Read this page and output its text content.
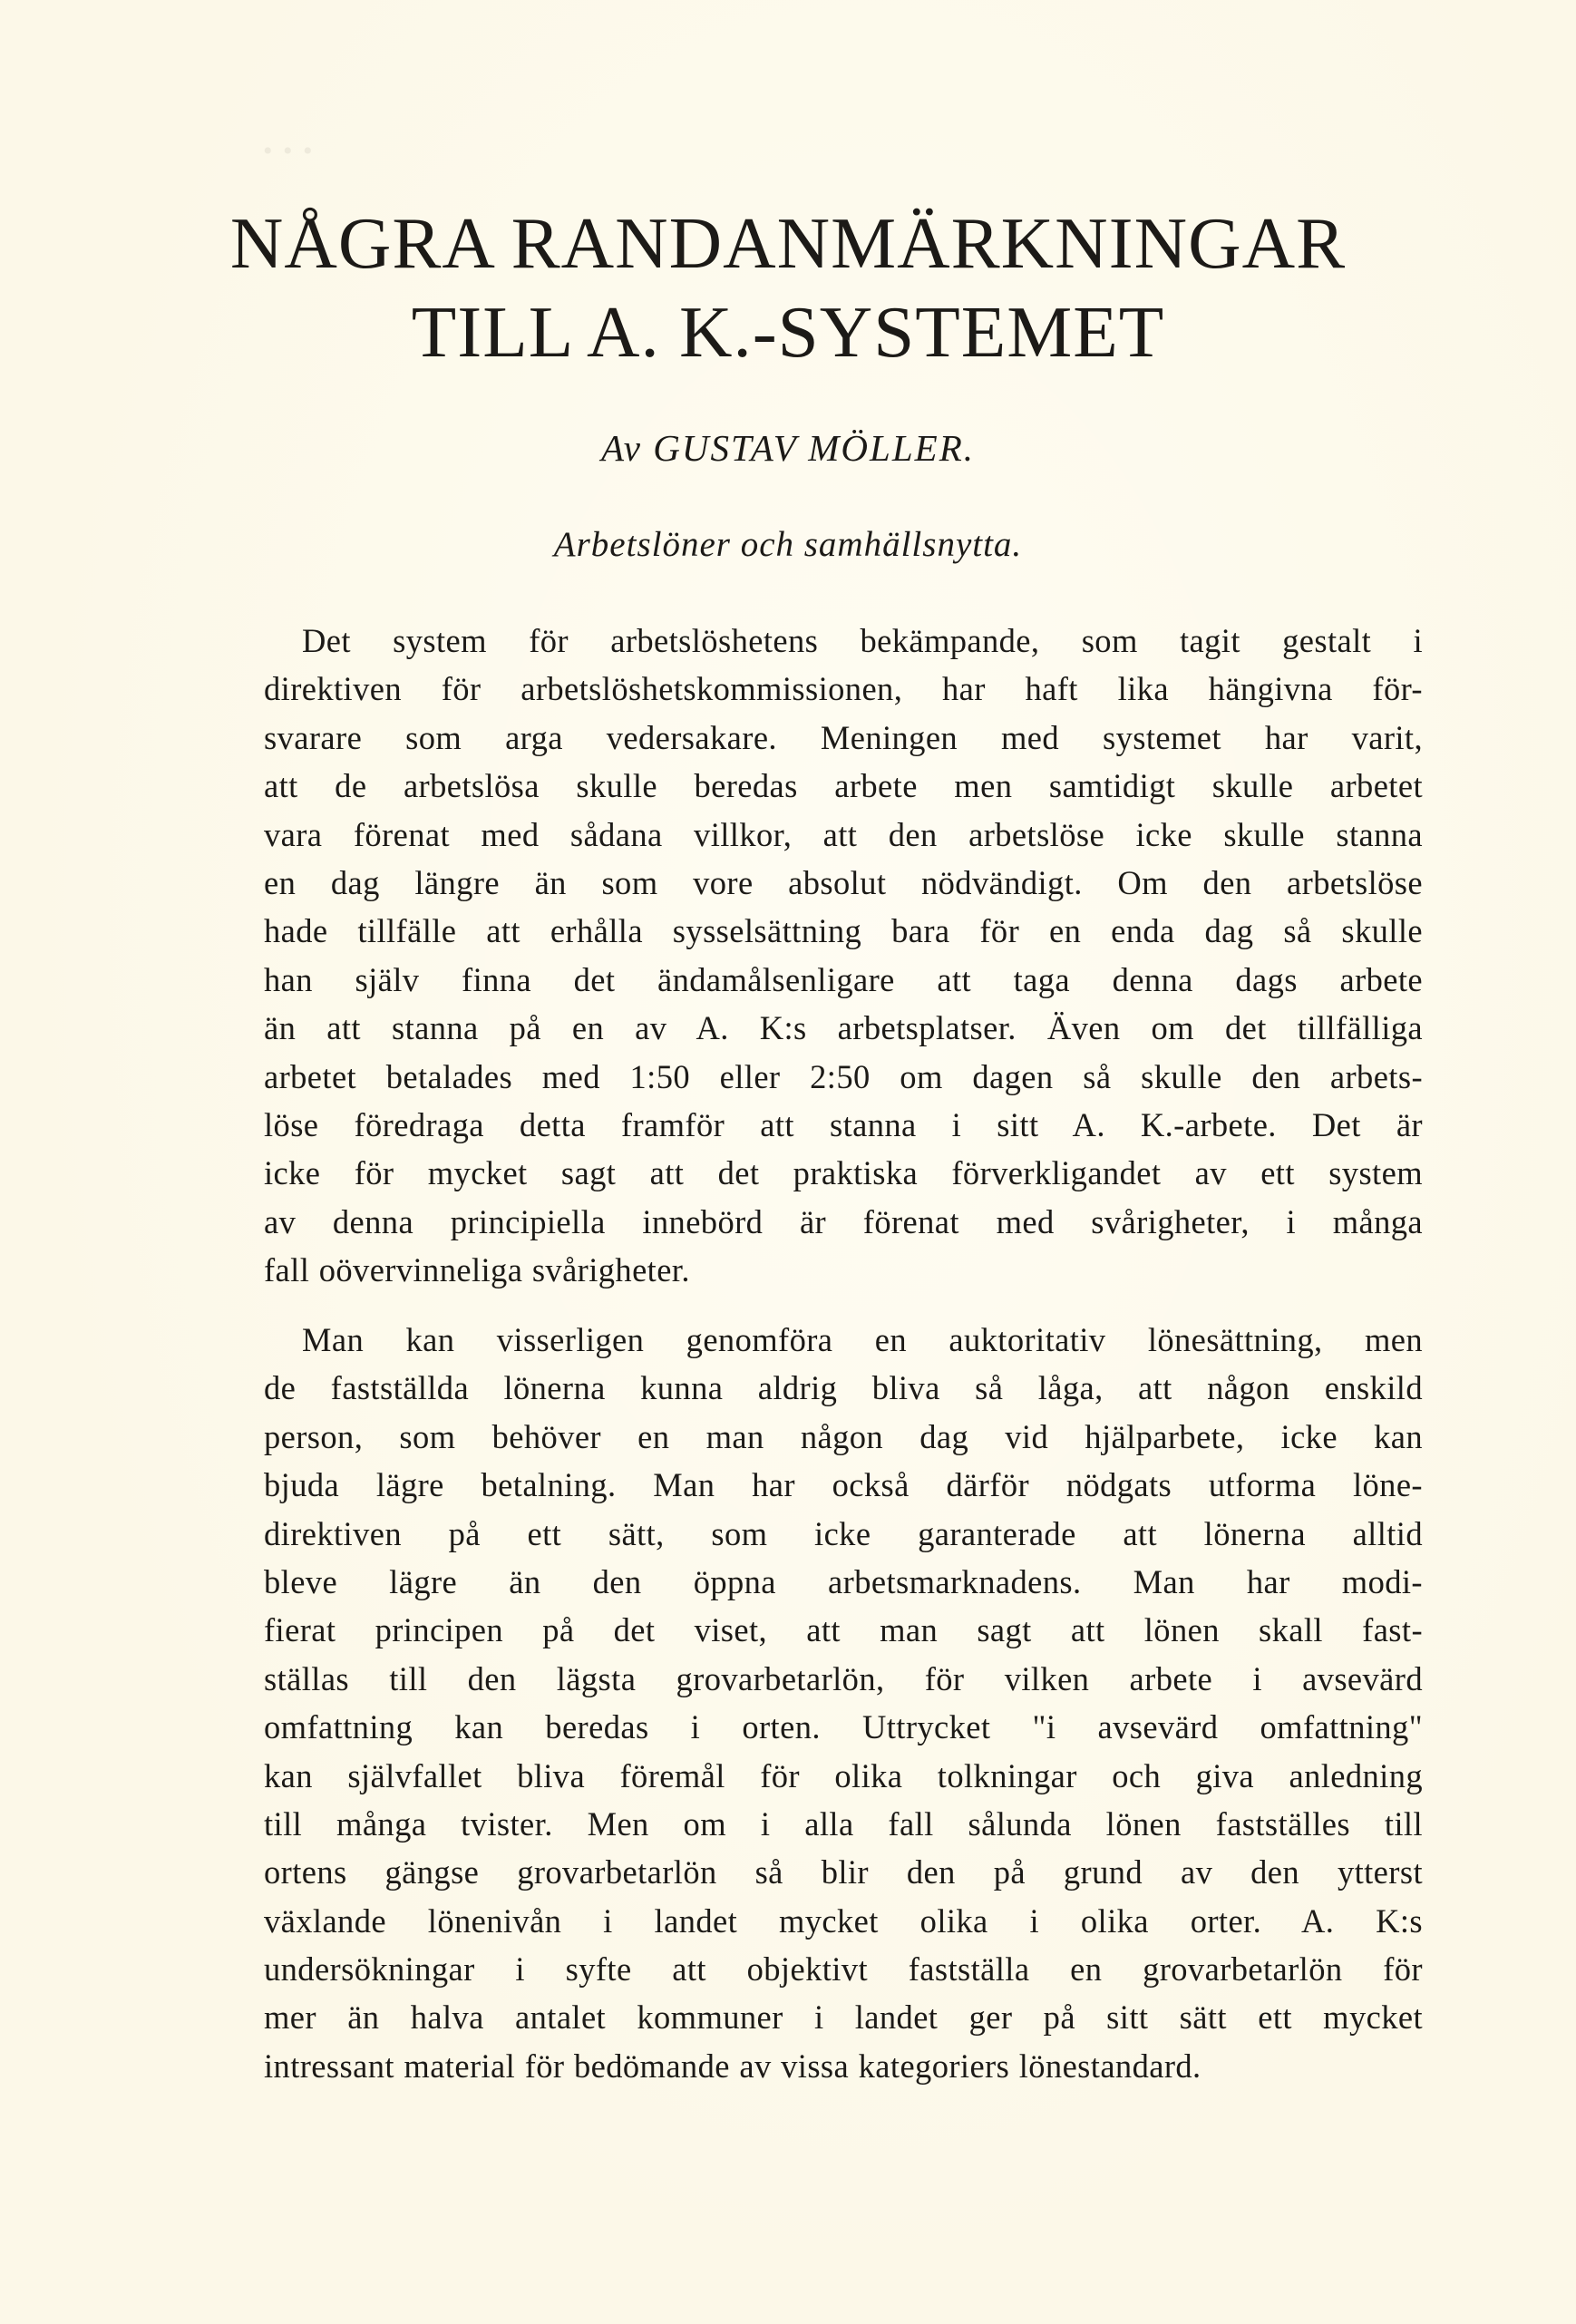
• • •
NÅGRA RANDANMÄRKNINGAR
TILL A. K.-SYSTEMET
Av GUSTAV MÖLLER.
Arbetslöner och samhällsnytta.
Det system för arbetslöshetens bekämpande, som tagit gestalt i
direktiven för arbetslöshetskommissionen, har haft lika hängivna för-
svarare som arga vedersakare. Meningen med systemet har varit,
att de arbetslösa skulle beredas arbete men samtidigt skulle arbetet
vara förenat med sådana villkor, att den arbetslöse icke skulle stanna
en dag längre än som vore absolut nödvändigt. Om den arbetslöse
hade tillfälle att erhålla sysselsättning bara för en enda dag så skulle
han själv finna det ändamålsenligare att taga denna dags arbete
än att stanna på en av A. K:s arbetsplatser. Även om det tillfälliga
arbetet betalades med 1:50 eller 2:50 om dagen så skulle den arbets-
löse föredraga detta framför att stanna i sitt A. K.-arbete. Det är
icke för mycket sagt att det praktiska förverkligandet av ett system
av denna principiella innebörd är förenat med svårigheter, i många
fall oövervinneliga svårigheter.
Man kan visserligen genomföra en auktoritativ lönesättning, men
de fastställda lönerna kunna aldrig bliva så låga, att någon enskild
person, som behöver en man någon dag vid hjälparbete, icke kan
bjuda lägre betalning. Man har också därför nödgats utforma löne-
direktiven på ett sätt, som icke garanterade att lönerna alltid
bleve lägre än den öppna arbetsmarknadens. Man har modi-
fierat principen på det viset, att man sagt att lönen skall fast-
ställas till den lägsta grovarbetarlön, för vilken arbete i avsevärd
omfattning kan beredas i orten. Uttrycket "i avsevärd omfattning"
kan självfallet bliva föremål för olika tolkningar och giva anledning
till många tvister. Men om i alla fall sålunda lönen fastställes till
ortens gängse grovarbetarlön så blir den på grund av den ytterst
växlande lönenivån i landet mycket olika i olika orter. A. K:s
undersökningar i syfte att objektivt fastställa en grovarbetarlön för
mer än halva antalet kommuner i landet ger på sitt sätt ett mycket
intressant material för bedömande av vissa kategoriers lönestandard.
